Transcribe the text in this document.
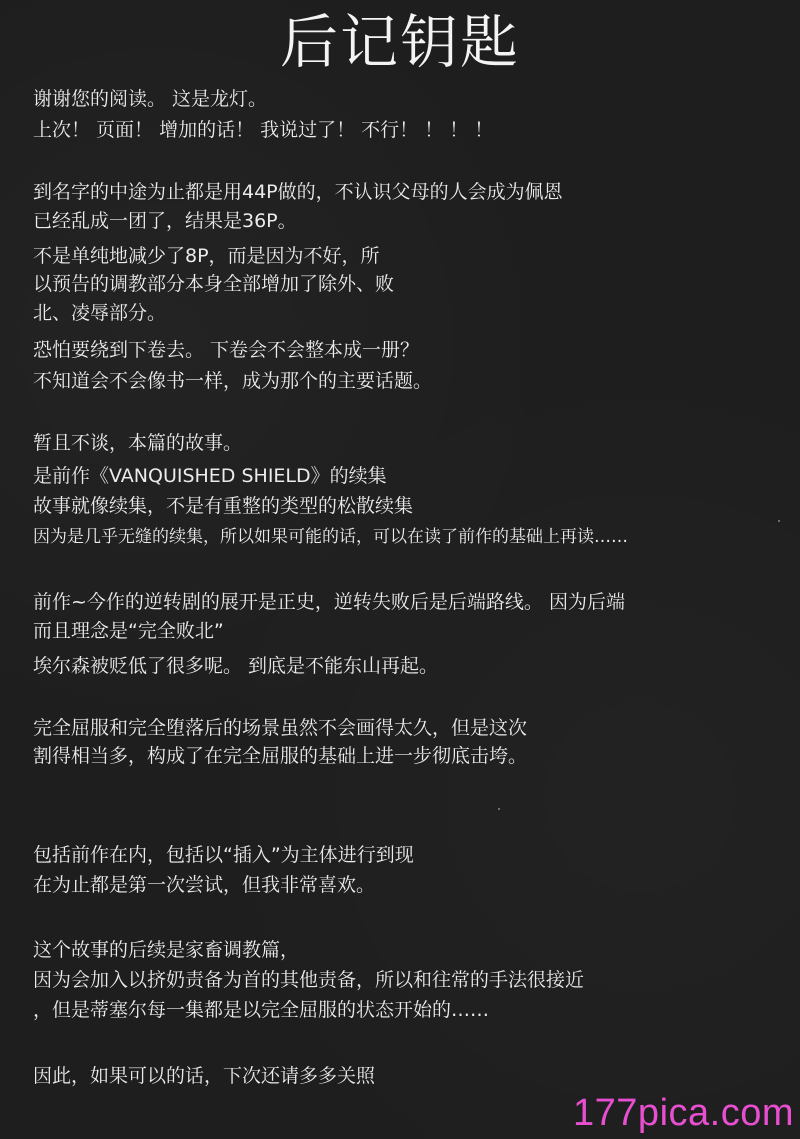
后记钥匙
谢谢您的阅读。 这是龙灯。
上次！ 页面！ 增加的话！ 我说过了！ 不行！ ！ ！ ！
到名字的中途为止都是用44P做的，不认识父母的人会成为佩恩
已经乱成一团了，结果是36P。
不是单纯地减少了8P，而是因为不好，所
以预告的调教部分本身全部增加了除外、败
北、凌辱部分。
恐怕要绕到下卷去。 下卷会不会整本成一册？
不知道会不会像书一样，成为那个的主要话题。
暂且不谈，本篇的故事。
是前作《VANQUISHED SHIELD》的续集
故事就像续集，不是有重整的类型的松散续集
因为是几乎无缝的续集，所以如果可能的话，可以在读了前作的基础上再读……
前作~今作的逆转剧的展开是正史，逆转失败后是后端路线。 因为后端
而且理念是“完全败北”
埃尔森被贬低了很多呢。 到底是不能东山再起。
完全屈服和完全堕落后的场景虽然不会画得太久，但是这次
割得相当多，构成了在完全屈服的基础上进一步彻底击垮。
包括前作在内，包括以“插入”为主体进行到现
在为止都是第一次尝试，但我非常喜欢。
这个故事的后续是家畜调教篇，
因为会加入以挤奶责备为首的其他责备，所以和往常的手法很接近
，但是蒂塞尔每一集都是以完全屈服的状态开始的……
因此，如果可以的话，下次还请多多关照
177pica.com
